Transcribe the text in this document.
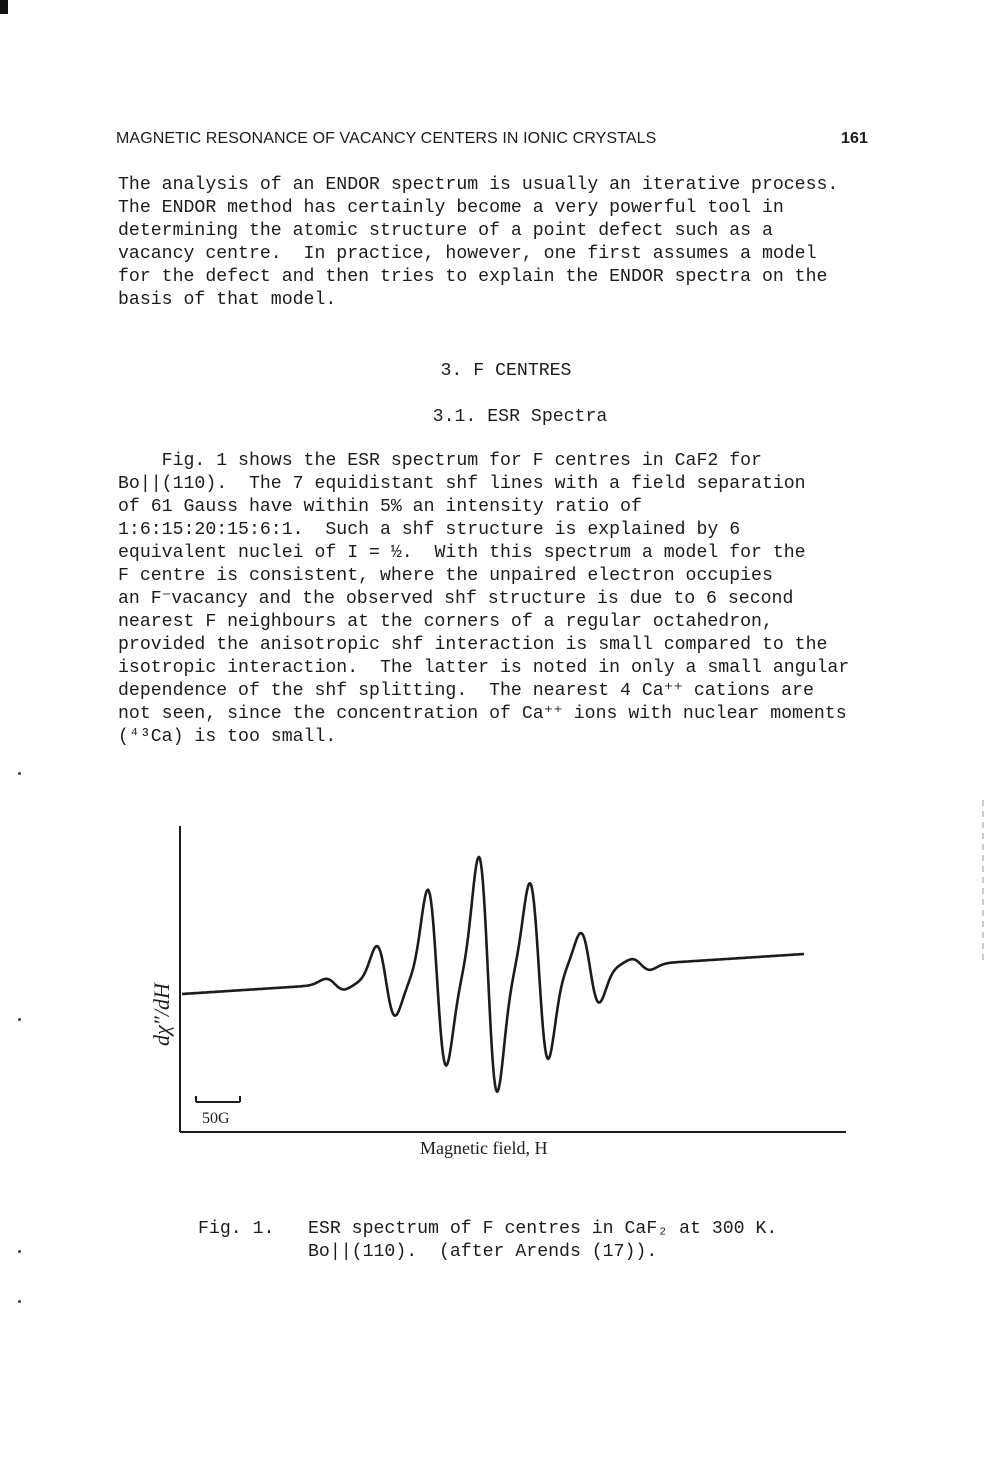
MAGNETIC RESONANCE OF VACANCY CENTERS IN IONIC CRYSTALS	161
The analysis of an ENDOR spectrum is usually an iterative process.
The ENDOR method has certainly become a very powerful tool in
determining the atomic structure of a point defect such as a
vacancy centre.  In practice, however, one first assumes a model
for the defect and then tries to explain the ENDOR spectra on the
basis of that model.
3. F CENTRES
3.1. ESR Spectra
Fig. 1 shows the ESR spectrum for F centres in CaF2 for
Bo||(110).  The 7 equidistant shf lines with a field separation
of 61 Gauss have within 5% an intensity ratio of
1:6:15:20:15:6:1.  Such a shf structure is explained by 6
equivalent nuclei of I = ½.  With this spectrum a model for the
F centre is consistent, where the unpaired electron occupies
an F⁻vacancy and the observed shf structure is due to 6 second
nearest F neighbours at the corners of a regular octahedron,
provided the anisotropic shf interaction is small compared to the
isotropic interaction.  The latter is noted in only a small angular
dependence of the shf splitting.  The nearest 4 Ca⁺⁺ cations are
not seen, since the concentration of Ca⁺⁺ ions with nuclear moments
(⁴³Ca) is too small.
dχ″/dH
50G
Magnetic field, H
Fig. 1. ESR spectrum of F centres in CaF₂ at 300 K.
Bo||(110).  (after Arends (17)).
